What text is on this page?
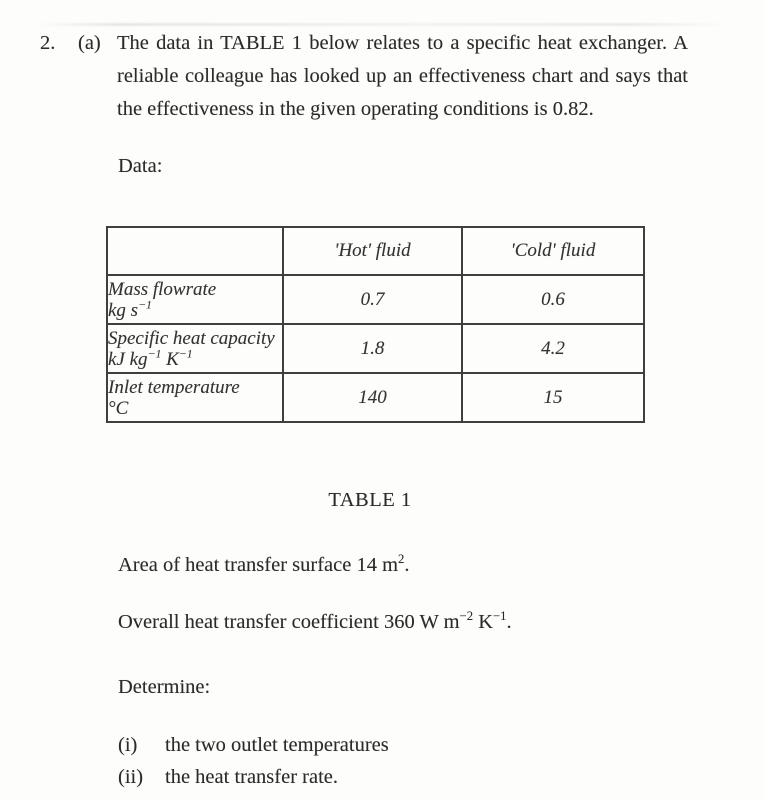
2. (a) The data in TABLE 1 below relates to a specific heat exchanger. A
reliable colleague has looked up an effectiveness chart and says that
the effectiveness in the given operating conditions is 0.82.
Data:
	'Hot' fluid	'Cold' fluid
Mass flowrate
kg $s^{-1}$	0.7	0.6
Specific heat capacity
kJ $kg^{-1}$ $K^{-1}$	1.8	4.2
Inlet temperature
°C	140	15
TABLE 1
Area of heat transfer surface 14 $m^2$.
Overall heat transfer coefficient 360 W $m^{-2}$ $K^{-1}$.
Determine:
(i) the two outlet temperatures
(ii) the heat transfer rate.
